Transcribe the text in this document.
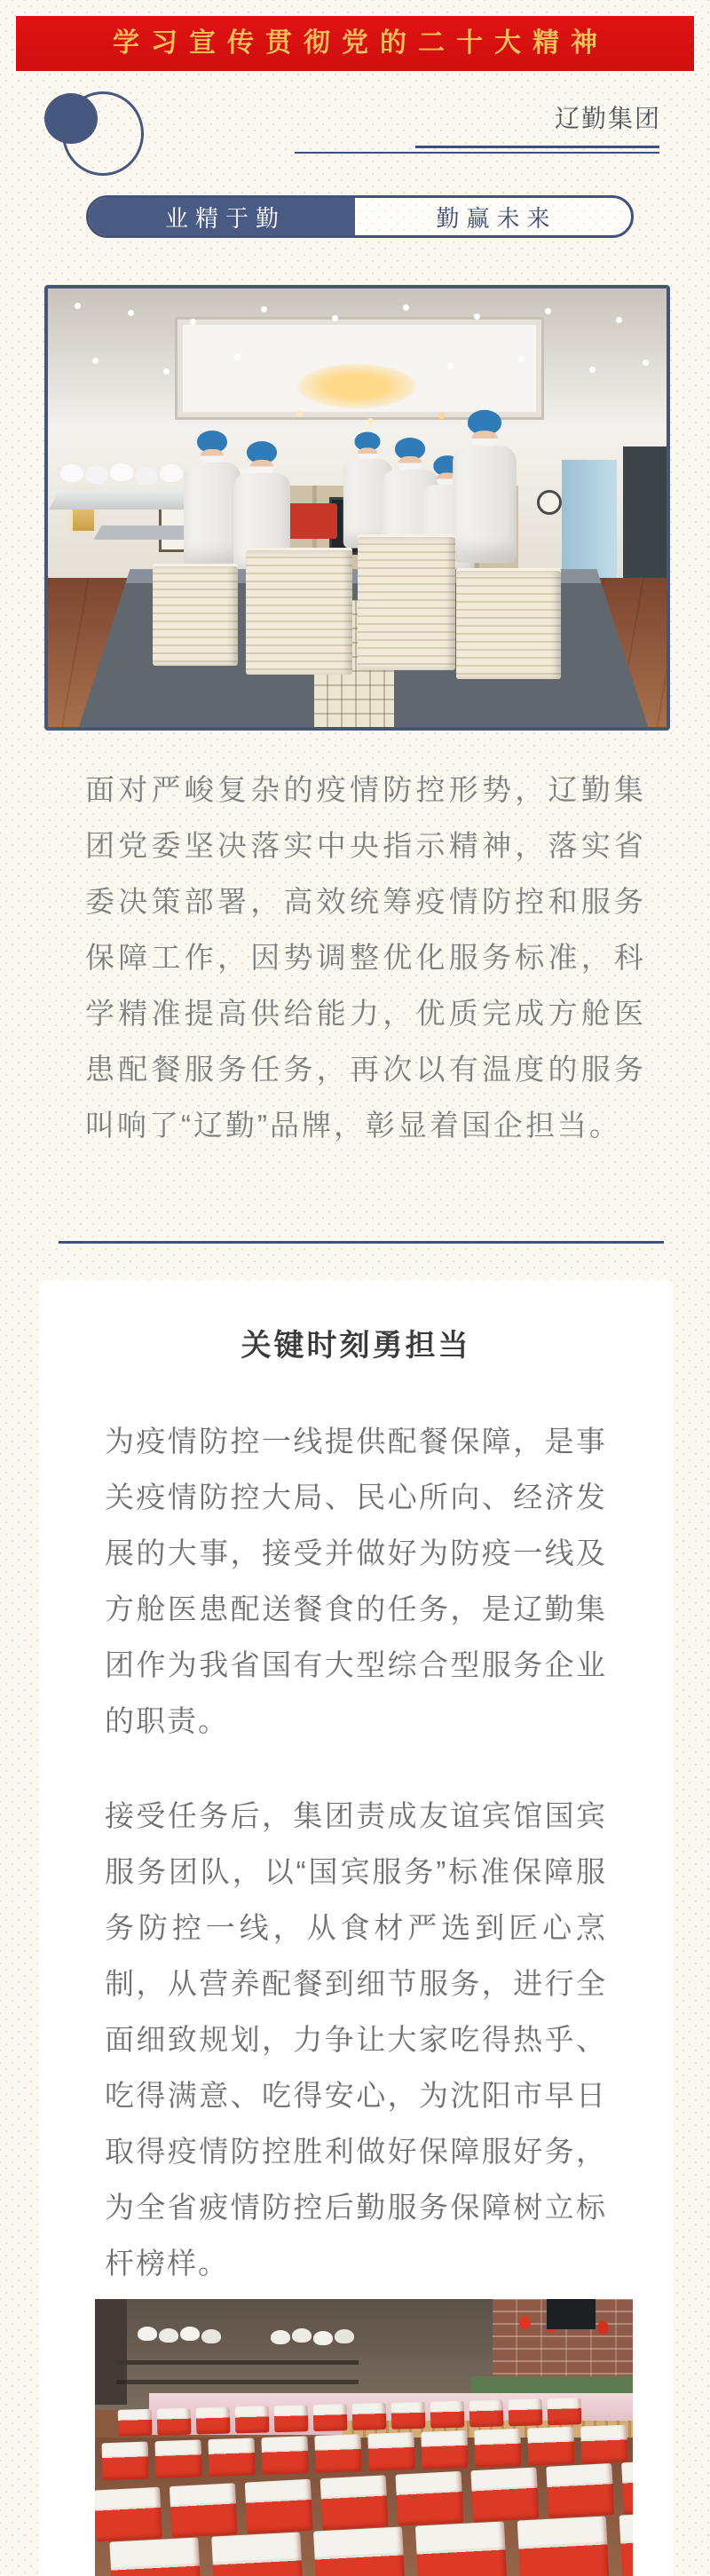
学习宣传贯彻党的二十大精神
辽勤集团
业精于勤	勤赢未来
面对严峻复杂的疫情防控形势，辽勤集团党委坚决落实中央指示精神，落实省委决策部署，高效统筹疫情防控和服务保障工作，因势调整优化服务标准，科学精准提高供给能力，优质完成方舱医患配餐服务任务，再次以有温度的服务叫响了“辽勤”品牌，彰显着国企担当。
关键时刻勇担当
为疫情防控一线提供配餐保障，是事关疫情防控大局、民心所向、经济发展的大事，接受并做好为防疫一线及方舱医患配送餐食的任务，是辽勤集团作为我省国有大型综合型服务企业的职责。
接受任务后，集团责成友谊宾馆国宾服务团队，以“国宾服务”标准保障服务防控一线，从食材严选到匠心烹制，从营养配餐到细节服务，进行全面细致规划，力争让大家吃得热乎、吃得满意、吃得安心，为沈阳市早日取得疫情防控胜利做好保障服好务，为全省疲情防控后勤服务保障树立标杆榜样。
